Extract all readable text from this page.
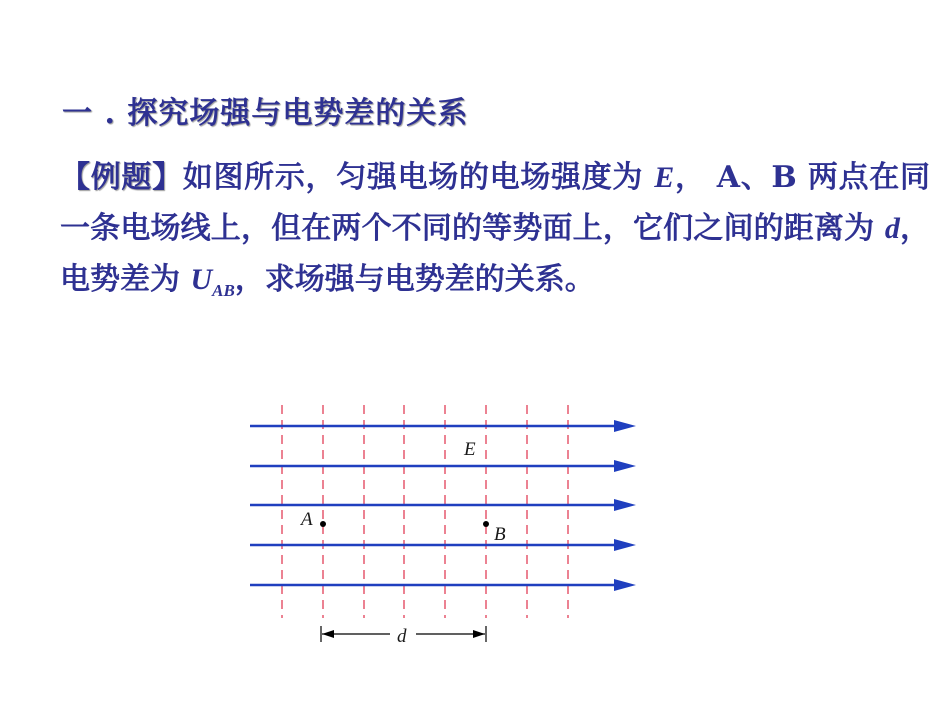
一 . 探究场强与电势差的关系
【例题】如图所示，匀强电场的电场强度为 E， A、B 两点在同一条电场线上，但在两个不同的等势面上，它们之间的距离为 d，电势差为 $U_{AB}$，求场强与电势差的关系。
E
A
B
d
